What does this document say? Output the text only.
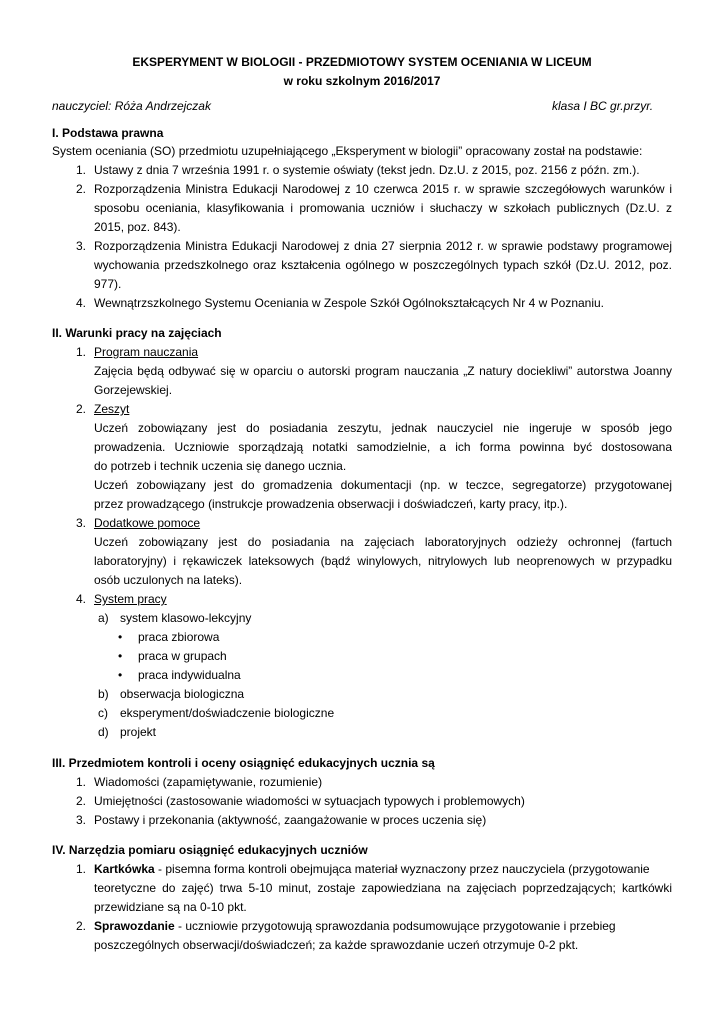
EKSPERYMENT W BIOLOGII - PRZEDMIOTOWY SYSTEM OCENIANIA W LICEUM
w roku szkolnym 2016/2017
nauczyciel: Róża Andrzejczak	klasa I BC gr.przyr.
I. Podstawa prawna
System oceniania (SO) przedmiotu uzupełniającego „Eksperyment w biologii” opracowany został na podstawie:
1. Ustawy z dnia 7 września 1991 r. o systemie oświaty (tekst jedn. Dz.U. z 2015, poz. 2156 z późn. zm.).
2. Rozporządzenia Ministra Edukacji Narodowej z 10 czerwca 2015 r. w sprawie szczegółowych warunków i
sposobu oceniania, klasyfikowania i promowania uczniów i słuchaczy w szkołach publicznych (Dz.U. z
2015, poz. 843).
3. Rozporządzenia Ministra Edukacji Narodowej z dnia 27 sierpnia 2012 r. w sprawie podstawy programowej
wychowania przedszkolnego oraz kształcenia ogólnego w poszczególnych typach szkół (Dz.U. 2012, poz.
977).
4. Wewnątrzszkolnego Systemu Oceniania w Zespole Szkół Ogólnokształcących Nr 4 w Poznaniu.
II. Warunki pracy na zajęciach
1. Program nauczania
Zajęcia będą odbywać się w oparciu o autorski program nauczania „Z natury dociekliwi” autorstwa Joanny
Gorzejewskiej.
2. Zeszyt
Uczeń zobowiązany jest do posiadania zeszytu, jednak nauczyciel nie ingeruje w sposób jego
prowadzenia. Uczniowie sporządzają notatki samodzielnie, a ich forma powinna być dostosowana
do potrzeb i technik uczenia się danego ucznia.
Uczeń zobowiązany jest do gromadzenia dokumentacji (np. w teczce, segregatorze) przygotowanej
przez prowadzącego (instrukcje prowadzenia obserwacji i doświadczeń, karty pracy, itp.).
3. Dodatkowe pomoce
Uczeń zobowiązany jest do posiadania na zajęciach laboratoryjnych odzieży ochronnej (fartuch
laboratoryjny) i rękawiczek lateksowych (bądź winylowych, nitrylowych lub neoprenowych w przypadku
osób uczulonych na lateks).
4. System pracy
a) system klasowo-lekcyjny
• praca zbiorowa
• praca w grupach
• praca indywidualna
b) obserwacja biologiczna
c) eksperyment/doświadczenie biologiczne
d) projekt
III. Przedmiotem kontroli i oceny osiągnięć edukacyjnych ucznia są
1. Wiadomości (zapamiętywanie, rozumienie)
2. Umiejętności (zastosowanie wiadomości w sytuacjach typowych i problemowych)
3. Postawy i przekonania (aktywność, zaangażowanie w proces uczenia się)
IV. Narzędzia pomiaru osiągnięć edukacyjnych uczniów
1. Kartkówka - pisemna forma kontroli obejmująca materiał wyznaczony przez nauczyciela (przygotowanie
teoretyczne do zajęć) trwa 5-10 minut, zostaje zapowiedziana na zajęciach poprzedzających; kartkówki
przewidziane są na 0-10 pkt.
2. Sprawozdanie - uczniowie przygotowują sprawozdania podsumowujące przygotowanie i przebieg
poszczególnych obserwacji/doświadczeń; za każde sprawozdanie uczeń otrzymuje 0-2 pkt.
